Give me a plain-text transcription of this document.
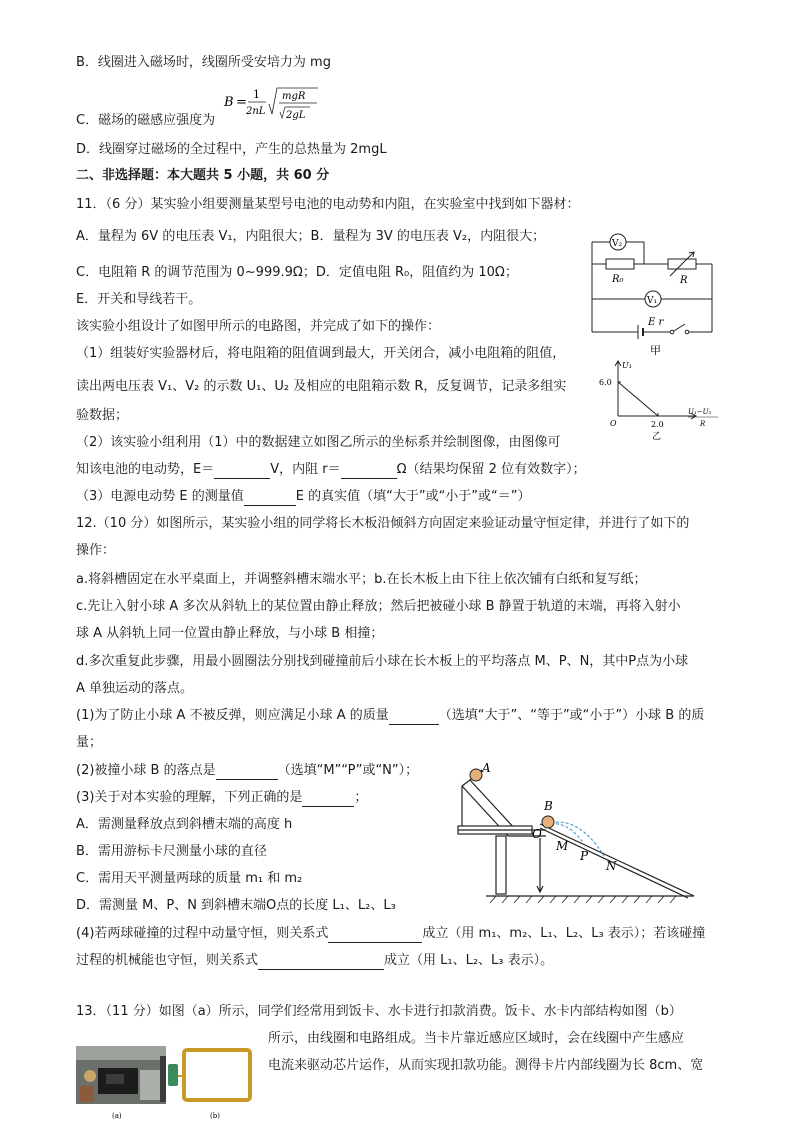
B．线圈进入磁场时，线圈所受安培力为 mg
C．磁场的磁感应强度为
B =
1
2nL
mgR
2gL
D．线圈穿过磁场的全过程中，产生的总热量为 2mgL
二、非选择题：本大题共 5 小题，共 60 分
11．（6 分）某实验小组要测量某型号电池的电动势和内阻，在实验室中找到如下器材：
A．量程为 6V 的电压表 V₁，内阻很大；B．量程为 3V 的电压表 V₂，内阻很大；
C．电阻箱 R 的调节范围为 0~999.9Ω；D．定值电阻 R₀，阻值约为 10Ω；
E．开关和导线若干。
该实验小组设计了如图甲所示的电路图，并完成了如下的操作：
（1）组装好实验器材后，将电阻箱的阻值调到最大，开关闭合，减小电阻箱的阻值，
读出两电压表 V₁、V₂ 的示数 U₁、U₂ 及相应的电阻箱示数 R，反复调节，记录多组实
验数据；
（2）该实验小组利用（1）中的数据建立如图乙所示的坐标系并绘制图像，由图像可
知该电池的电动势，E＝	V，内阻 r＝	Ω（结果均保留 2 位有效数字）；
（3）电源电动势 E 的测量值	E 的真实值（填“大于”或“小于”或“＝”）
12.（10 分）如图所示，某实验小组的同学将长木板沿倾斜方向固定来验证动量守恒定律，并进行了如下的
操作：
a.将斜槽固定在水平桌面上，并调整斜槽末端水平；b.在长木板上由下往上依次铺有白纸和复写纸；
c.先让入射小球 A 多次从斜轨上的某位置由静止释放；然后把被碰小球 B 静置于轨道的末端，再将入射小
球 A 从斜轨上同一位置由静止释放，与小球 B 相撞；
d.多次重复此步骤，用最小圆圈法分别找到碰撞前后小球在长木板上的平均落点 M、P、N，其中P点为小球
A 单独运动的落点。
(1)为了防止小球 A 不被反弹，则应满足小球 A 的质量	（选填“大于”、“等于”或“小于”）小球 B 的质
量；
(2)被撞小球 B 的落点是	（选填“M”“P”或“N”）；
(3)关于对本实验的理解，下列正确的是	；
A．需测量释放点到斜槽末端的高度 h
B．需用游标卡尺测量小球的直径
C．需用天平测量两球的质量 m₁ 和 m₂
D．需测量 M、P、N 到斜槽末端O点的长度 L₁、L₂、L₃
(4)若两球碰撞的过程中动量守恒，则关系式	成立（用 m₁、m₂、L₁、L₂、L₃ 表示）；若该碰撞
过程的机械能也守恒，则关系式	成立（用 L₁、L₂、L₃ 表示）。
13．（11 分）如图（a）所示，同学们经常用到饭卡、水卡进行扣款消费。饭卡、水卡内部结构如图（b）
所示，由线圈和电路组成。当卡片靠近感应区域时，会在线圈中产生感应
电流来驱动芯片运作，从而实现扣款功能。测得卡片内部线圈为长 8cm、宽
V₂
V₁
R₀	R
E r
甲
U₁
6.0
2.0
O
U₁−U₂
R
乙
A
B
O
M
P
N
(a)	(b)
